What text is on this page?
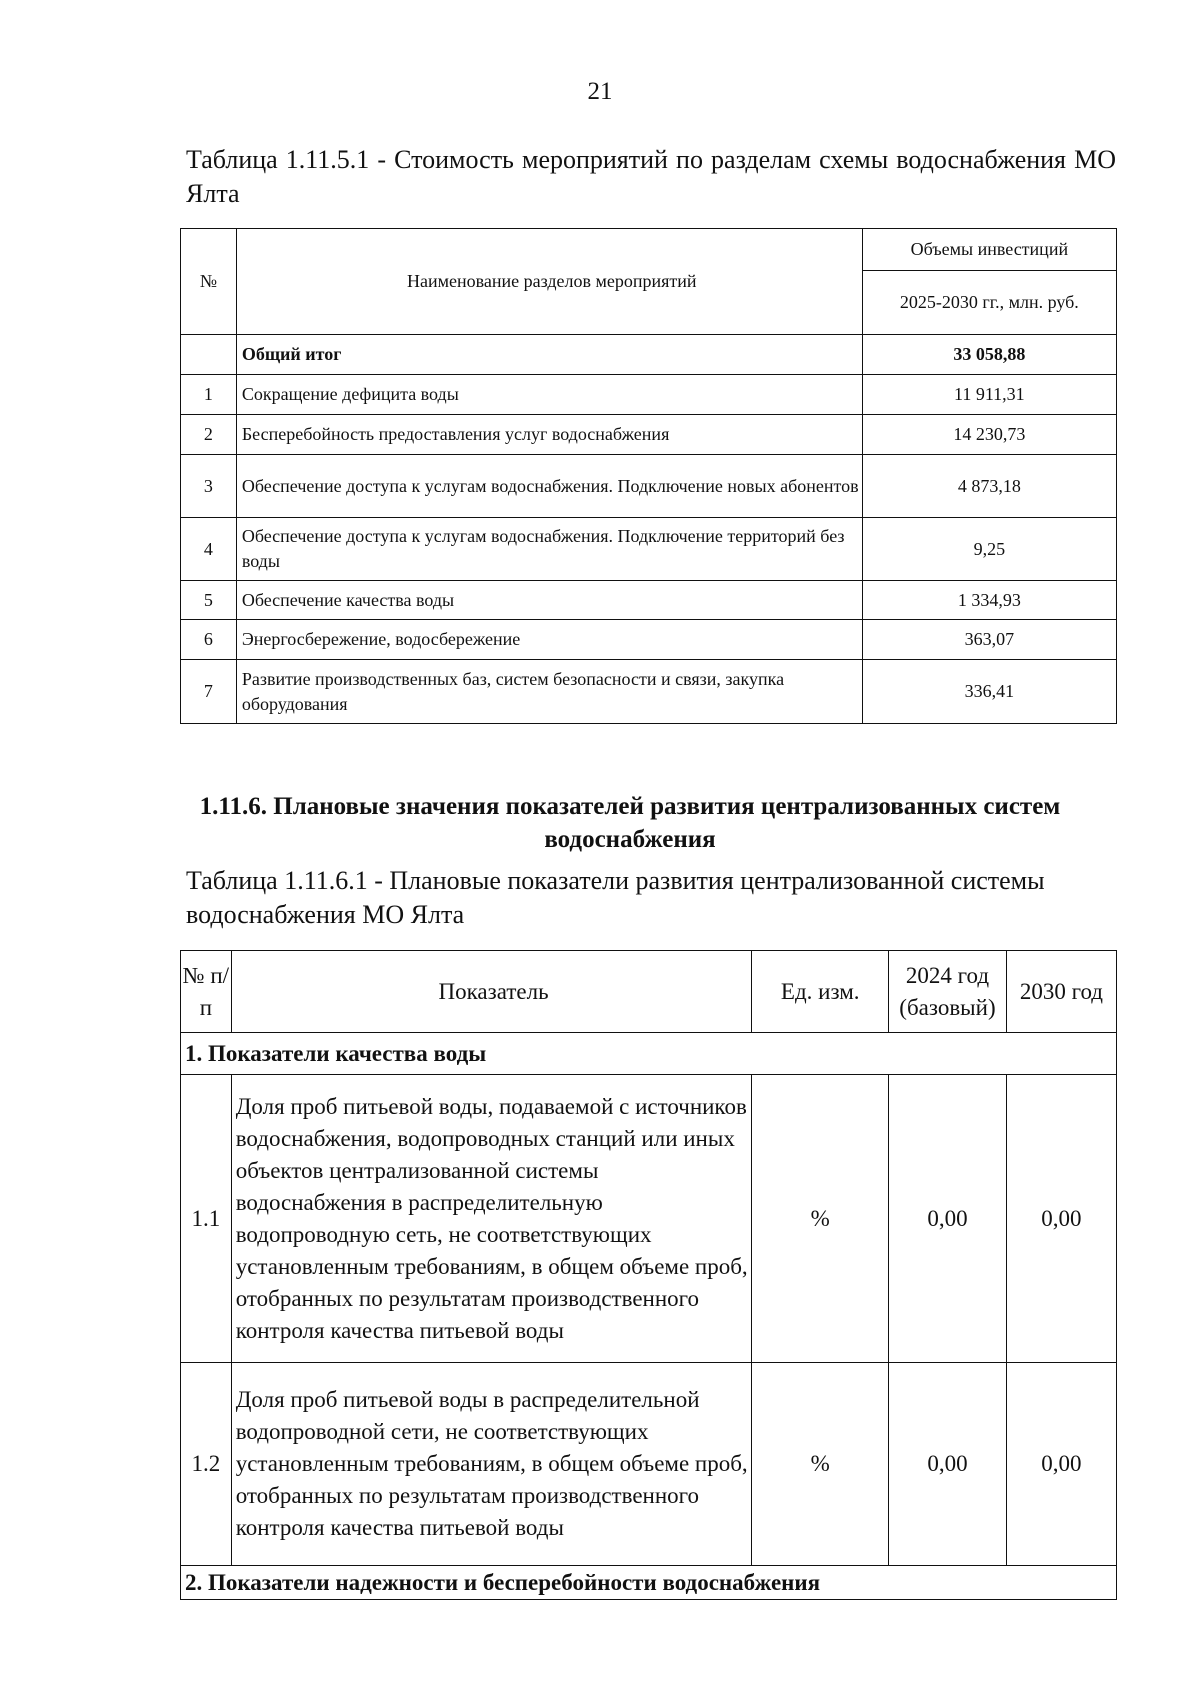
21
Таблица 1.11.5.1 - Стоимость мероприятий по разделам схемы водоснабжения МО Ялта
№	Наименование разделов мероприятий	Объемы инвестиций
		2025-2030 гг., млн. руб.
	Общий итог	33 058,88
1	Сокращение дефицита воды	11 911,31
2	Бесперебойность предоставления услуг водоснабжения	14 230,73
3	Обеспечение доступа к услугам водоснабжения. Подключение новых абонентов	4 873,18
4	Обеспечение доступа к услугам водоснабжения. Подключение территорий без воды	9,25
5	Обеспечение качества воды	1 334,93
6	Энергосбережение, водосбережение	363,07
7	Развитие производственных баз, систем безопасности и связи, закупка оборудования	336,41
1.11.6. Плановые значения показателей развития централизованных систем водоснабжения
Таблица 1.11.6.1 - Плановые показатели развития централизованной системы водоснабжения МО Ялта
№ п/п	Показатель	Ед. изм.	2024 год (базовый)	2030 год
1. Показатели качества воды				
1.1	Доля проб питьевой воды, подаваемой с источников водоснабжения, водопроводных станций или иных объектов централизованной системы водоснабжения в распределительную водопроводную сеть, не соответствующих установленным требованиям, в общем объеме проб, отобранных по результатам производственного контроля качества питьевой воды	%	0,00	0,00
1.2	Доля проб питьевой воды в распределительной водопроводной сети, не соответствующих установленным требованиям, в общем объеме проб, отобранных по результатам производственного контроля качества питьевой воды	%	0,00	0,00
2. Показатели надежности и бесперебойности водоснабжения				
